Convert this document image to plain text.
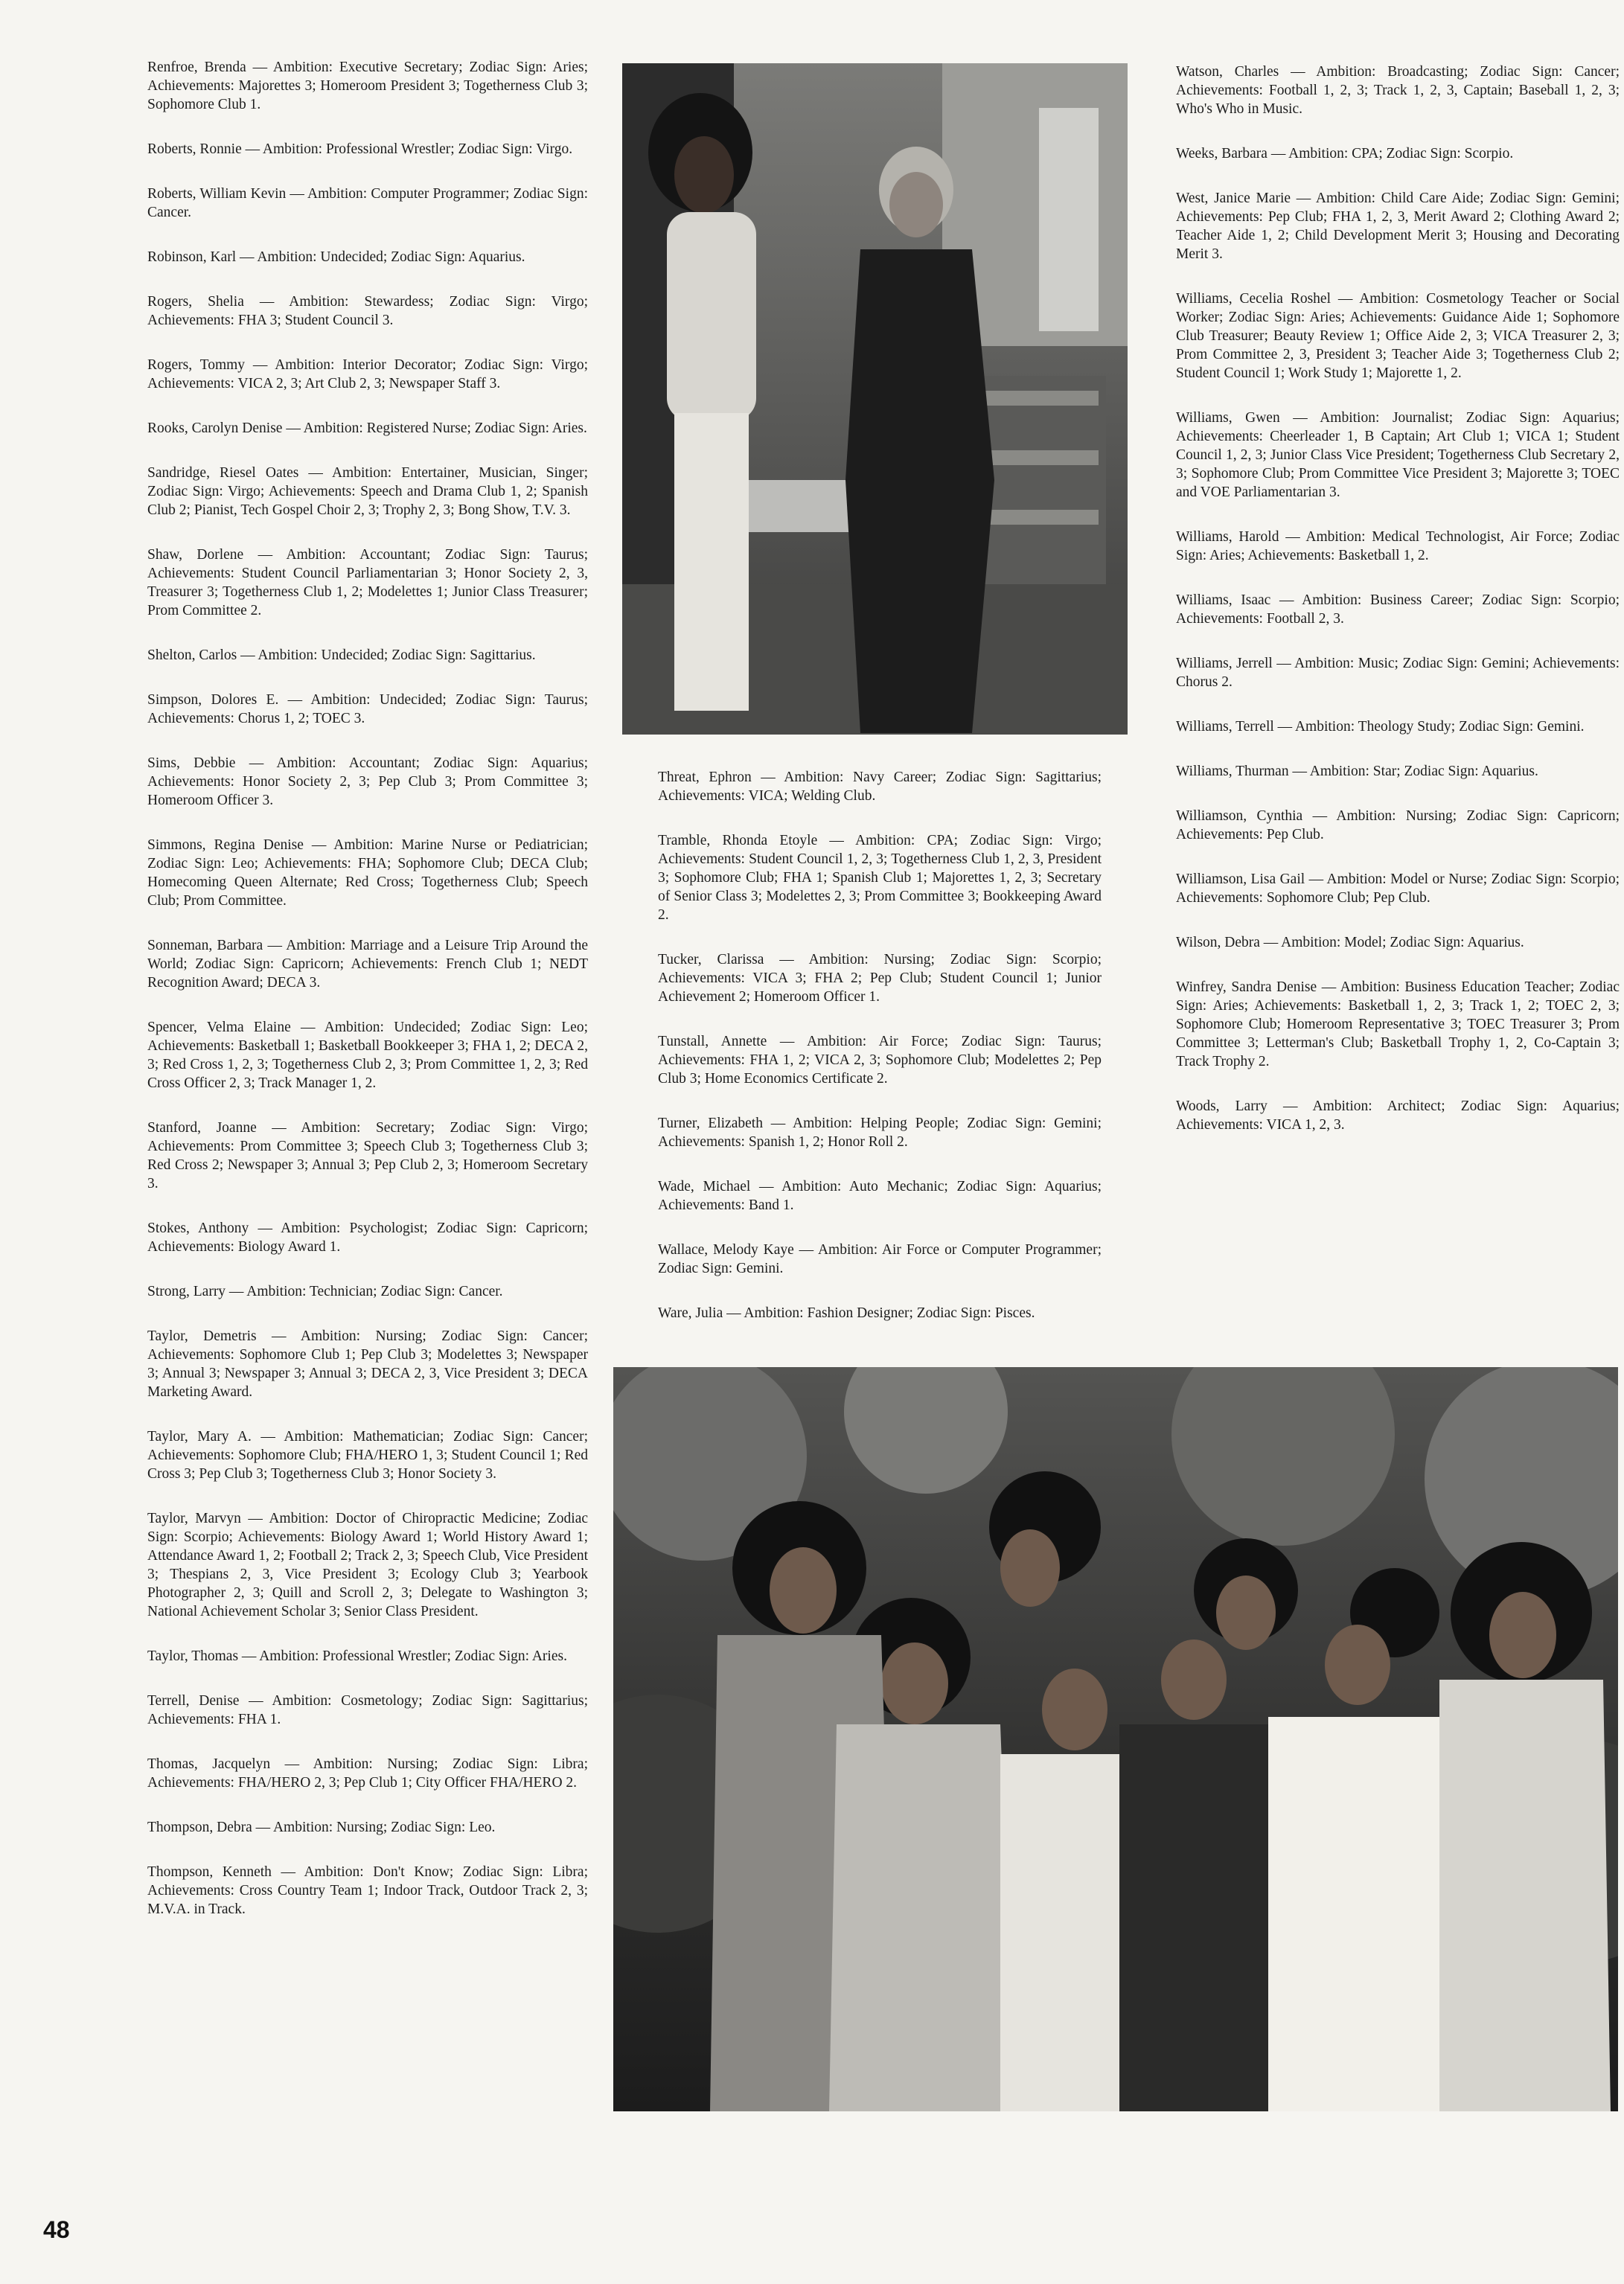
Renfroe, Brenda — Ambition: Executive Secretary; Zodiac Sign: Aries; Achievements: Majorettes 3; Homeroom President 3; Togetherness Club 3; Sophomore Club 1.

Roberts, Ronnie — Ambition: Professional Wrestler; Zodiac Sign: Virgo.

Roberts, William Kevin — Ambition: Computer Programmer; Zodiac Sign: Cancer.

Robinson, Karl — Ambition: Undecided; Zodiac Sign: Aquarius.

Rogers, Shelia — Ambition: Stewardess; Zodiac Sign: Virgo; Achievements: FHA 3; Student Council 3.

Rogers, Tommy — Ambition: Interior Decorator; Zodiac Sign: Virgo; Achievements: VICA 2, 3; Art Club 2, 3; Newspaper Staff 3.

Rooks, Carolyn Denise — Ambition: Registered Nurse; Zodiac Sign: Aries.

Sandridge, Riesel Oates — Ambition: Entertainer, Musician, Singer; Zodiac Sign: Virgo; Achievements: Speech and Drama Club 1, 2; Spanish Club 2; Pianist, Tech Gospel Choir 2, 3; Trophy 2, 3; Bong Show, T.V. 3.

Shaw, Dorlene — Ambition: Accountant; Zodiac Sign: Taurus; Achievements: Student Council Parliamentarian 3; Honor Society 2, 3, Treasurer 3; Togetherness Club 1, 2; Modelettes 1; Junior Class Treasurer; Prom Committee 2.

Shelton, Carlos — Ambition: Undecided; Zodiac Sign: Sagittarius.

Simpson, Dolores E. — Ambition: Undecided; Zodiac Sign: Taurus; Achievements: Chorus 1, 2; TOEC 3.

Sims, Debbie — Ambition: Accountant; Zodiac Sign: Aquarius; Achievements: Honor Society 2, 3; Pep Club 3; Prom Committee 3; Homeroom Officer 3.

Simmons, Regina Denise — Ambition: Marine Nurse or Pediatrician; Zodiac Sign: Leo; Achievements: FHA; Sophomore Club; DECA Club; Homecoming Queen Alternate; Red Cross; Togetherness Club; Speech Club; Prom Committee.

Sonneman, Barbara — Ambition: Marriage and a Leisure Trip Around the World; Zodiac Sign: Capricorn; Achievements: French Club 1; NEDT Recognition Award; DECA 3.

Spencer, Velma Elaine — Ambition: Undecided; Zodiac Sign: Leo; Achievements: Basketball 1; Basketball Bookkeeper 3; FHA 1, 2; DECA 2, 3; Red Cross 1, 2, 3; Togetherness Club 2, 3; Prom Committee 1, 2, 3; Red Cross Officer 2, 3; Track Manager 1, 2.

Stanford, Joanne — Ambition: Secretary; Zodiac Sign: Virgo; Achievements: Prom Committee 3; Speech Club 3; Togetherness Club 3; Red Cross 2; Newspaper 3; Annual 3; Pep Club 2, 3; Homeroom Secretary 3.

Stokes, Anthony — Ambition: Psychologist; Zodiac Sign: Capricorn; Achievements: Biology Award 1.

Strong, Larry — Ambition: Technician; Zodiac Sign: Cancer.

Taylor, Demetris — Ambition: Nursing; Zodiac Sign: Cancer; Achievements: Sophomore Club 1; Pep Club 3; Modelettes 3; Newspaper 3; Annual 3; Newspaper 3; Annual 3; DECA 2, 3, Vice President 3; DECA Marketing Award.

Taylor, Mary A. — Ambition: Mathematician; Zodiac Sign: Cancer; Achievements: Sophomore Club; FHA/HERO 1, 3; Student Council 1; Red Cross 3; Pep Club 3; Togetherness Club 3; Honor Society 3.

Taylor, Marvyn — Ambition: Doctor of Chiropractic Medicine; Zodiac Sign: Scorpio; Achievements: Biology Award 1; World History Award 1; Attendance Award 1, 2; Football 2; Track 2, 3; Speech Club, Vice President 3; Thespians 2, 3, Vice President 3; Ecology Club 3; Yearbook Photographer 2, 3; Quill and Scroll 2, 3; Delegate to Washington 3; National Achievement Scholar 3; Senior Class President.

Taylor, Thomas — Ambition: Professional Wrestler; Zodiac Sign: Aries.

Terrell, Denise — Ambition: Cosmetology; Zodiac Sign: Sagittarius; Achievements: FHA 1.

Thomas, Jacquelyn — Ambition: Nursing; Zodiac Sign: Libra; Achievements: FHA/HERO 2, 3; Pep Club 1; City Officer FHA/HERO 2.

Thompson, Debra — Ambition: Nursing; Zodiac Sign: Leo.

Thompson, Kenneth — Ambition: Don't Know; Zodiac Sign: Libra; Achievements: Cross Country Team 1; Indoor Track, Outdoor Track 2, 3; M.V.A. in Track.

Threat, Ephron — Ambition: Navy Career; Zodiac Sign: Sagittarius; Achievements: VICA; Welding Club.

Tramble, Rhonda Etoyle — Ambition: CPA; Zodiac Sign: Virgo; Achievements: Student Council 1, 2, 3; Togetherness Club 1, 2, 3, President 3; Sophomore Club; FHA 1; Spanish Club 1; Majorettes 1, 2, 3; Secretary of Senior Class 3; Modelettes 2, 3; Prom Committee 3; Bookkeeping Award 2.

Tucker, Clarissa — Ambition: Nursing; Zodiac Sign: Scorpio; Achievements: VICA 3; FHA 2; Pep Club; Student Council 1; Junior Achievement 2; Homeroom Officer 1.

Tunstall, Annette — Ambition: Air Force; Zodiac Sign: Taurus; Achievements: FHA 1, 2; VICA 2, 3; Sophomore Club; Modelettes 2; Pep Club 3; Home Economics Certificate 2.

Turner, Elizabeth — Ambition: Helping People; Zodiac Sign: Gemini; Achievements: Spanish 1, 2; Honor Roll 2.

Wade, Michael — Ambition: Auto Mechanic; Zodiac Sign: Aquarius; Achievements: Band 1.

Wallace, Melody Kaye — Ambition: Air Force or Computer Programmer; Zodiac Sign: Gemini.

Ware, Julia — Ambition: Fashion Designer; Zodiac Sign: Pisces.

Watson, Charles — Ambition: Broadcasting; Zodiac Sign: Cancer; Achievements: Football 1, 2, 3; Track 1, 2, 3, Captain; Baseball 1, 2, 3; Who's Who in Music.

Weeks, Barbara — Ambition: CPA; Zodiac Sign: Scorpio.

West, Janice Marie — Ambition: Child Care Aide; Zodiac Sign: Gemini; Achievements: Pep Club; FHA 1, 2, 3, Merit Award 2; Clothing Award 2; Teacher Aide 1, 2; Child Development Merit 3; Housing and Decorating Merit 3.

Williams, Cecelia Roshel — Ambition: Cosmetology Teacher or Social Worker; Zodiac Sign: Aries; Achievements: Guidance Aide 1; Sophomore Club Treasurer; Beauty Review 1; Office Aide 2, 3; VICA Treasurer 2, 3; Prom Committee 2, 3, President 3; Teacher Aide 3; Togetherness Club 2; Student Council 1; Work Study 1; Majorette 1, 2.

Williams, Gwen — Ambition: Journalist; Zodiac Sign: Aquarius; Achievements: Cheerleader 1, B Captain; Art Club 1; VICA 1; Student Council 1, 2, 3; Junior Class Vice President; Togetherness Club Secretary 2, 3; Sophomore Club; Prom Committee Vice President 3; Majorette 3; TOEC and VOE Parliamentarian 3.

Williams, Harold — Ambition: Medical Technologist, Air Force; Zodiac Sign: Aries; Achievements: Basketball 1, 2.

Williams, Isaac — Ambition: Business Career; Zodiac Sign: Scorpio; Achievements: Football 2, 3.

Williams, Jerrell — Ambition: Music; Zodiac Sign: Gemini; Achievements: Chorus 2.

Williams, Terrell — Ambition: Theology Study; Zodiac Sign: Gemini.

Williams, Thurman — Ambition: Star; Zodiac Sign: Aquarius.

Williamson, Cynthia — Ambition: Nursing; Zodiac Sign: Capricorn; Achievements: Pep Club.

Williamson, Lisa Gail — Ambition: Model or Nurse; Zodiac Sign: Scorpio; Achievements: Sophomore Club; Pep Club.

Wilson, Debra — Ambition: Model; Zodiac Sign: Aquarius.

Winfrey, Sandra Denise — Ambition: Business Education Teacher; Zodiac Sign: Aries; Achievements: Basketball 1, 2, 3; Track 1, 2; TOEC 2, 3; Sophomore Club; Homeroom Representative 3; TOEC Treasurer 3; Prom Committee 3; Letterman's Club; Basketball Trophy 1, 2, Co-Captain 3; Track Trophy 2.

Woods, Larry — Ambition: Architect; Zodiac Sign: Aquarius; Achievements: VICA 1, 2, 3.

48
